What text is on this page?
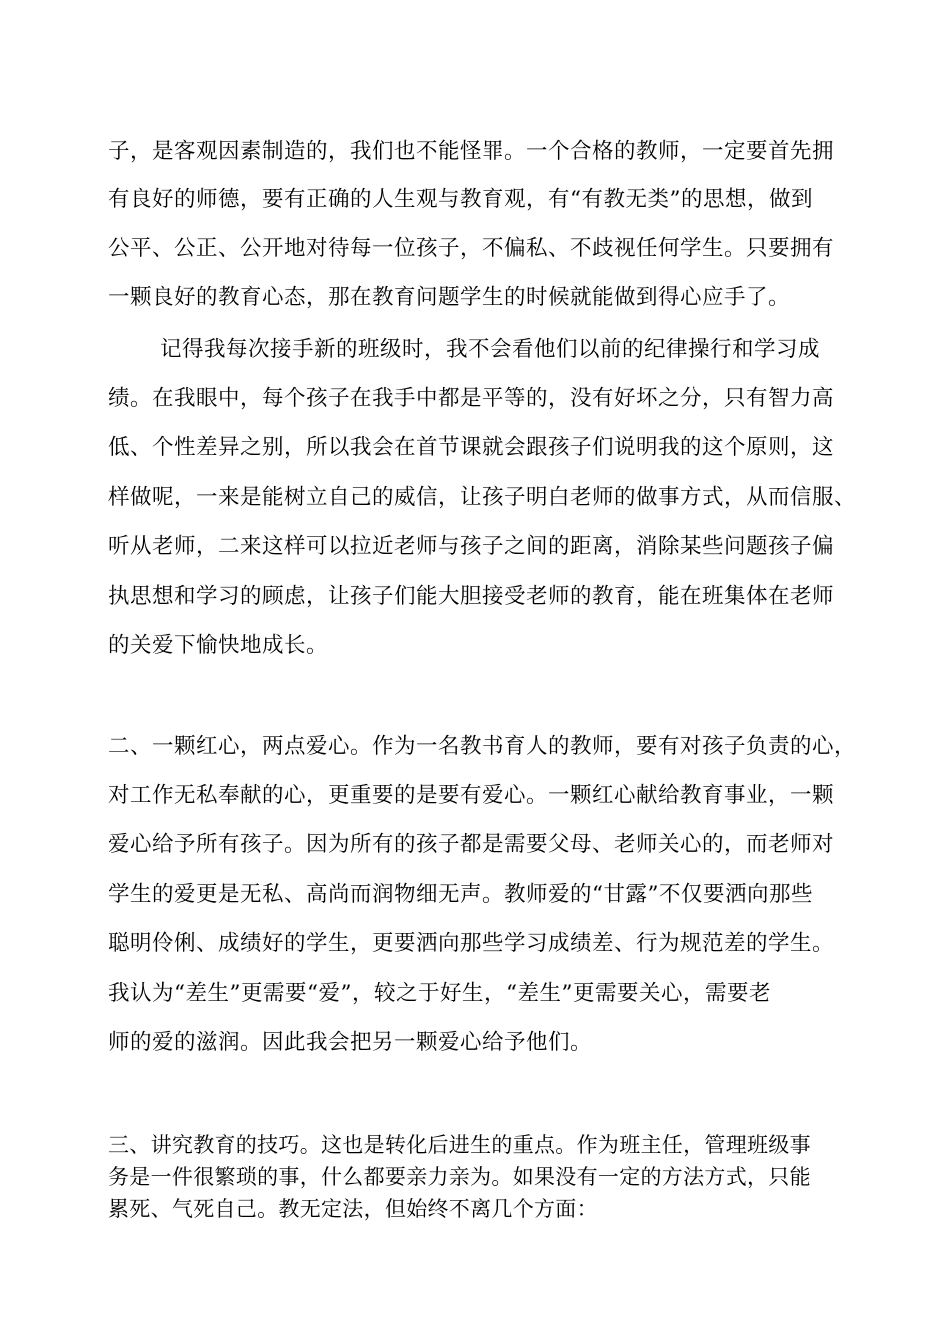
子，是客观因素制造的，我们也不能怪罪。一个合格的教师，一定要首先拥

有良好的师德，要有正确的人生观与教育观，有“有教无类”的思想，做到

公平、公正、公开地对待每一位孩子，不偏私、不歧视任何学生。只要拥有

一颗良好的教育心态，那在教育问题学生的时候就能做到得心应手了。

记得我每次接手新的班级时，我不会看他们以前的纪律操行和学习成

绩。在我眼中，每个孩子在我手中都是平等的，没有好坏之分，只有智力高

低、个性差异之别，所以我会在首节课就会跟孩子们说明我的这个原则，这

样做呢，一来是能树立自己的威信，让孩子明白老师的做事方式，从而信服、

听从老师，二来这样可以拉近老师与孩子之间的距离，消除某些问题孩子偏

执思想和学习的顾虑，让孩子们能大胆接受老师的教育，能在班集体在老师

的关爱下愉快地成长。

二、一颗红心，两点爱心。作为一名教书育人的教师，要有对孩子负责的心，

对工作无私奉献的心，更重要的是要有爱心。一颗红心献给教育事业，一颗

爱心给予所有孩子。因为所有的孩子都是需要父母、老师关心的，而老师对

学生的爱更是无私、高尚而润物细无声。教师爱的“甘露”不仅要洒向那些

聪明伶俐、成绩好的学生，更要洒向那些学习成绩差、行为规范差的学生。

我认为“差生”更需要“爱”，较之于好生，“差生”更需要关心，需要老

师的爱的滋润。因此我会把另一颗爱心给予他们。

三、讲究教育的技巧。这也是转化后进生的重点。作为班主任，管理班级事

务是一件很繁琐的事，什么都要亲力亲为。如果没有一定的方法方式，只能

累死、气死自己。教无定法，但始终不离几个方面：
